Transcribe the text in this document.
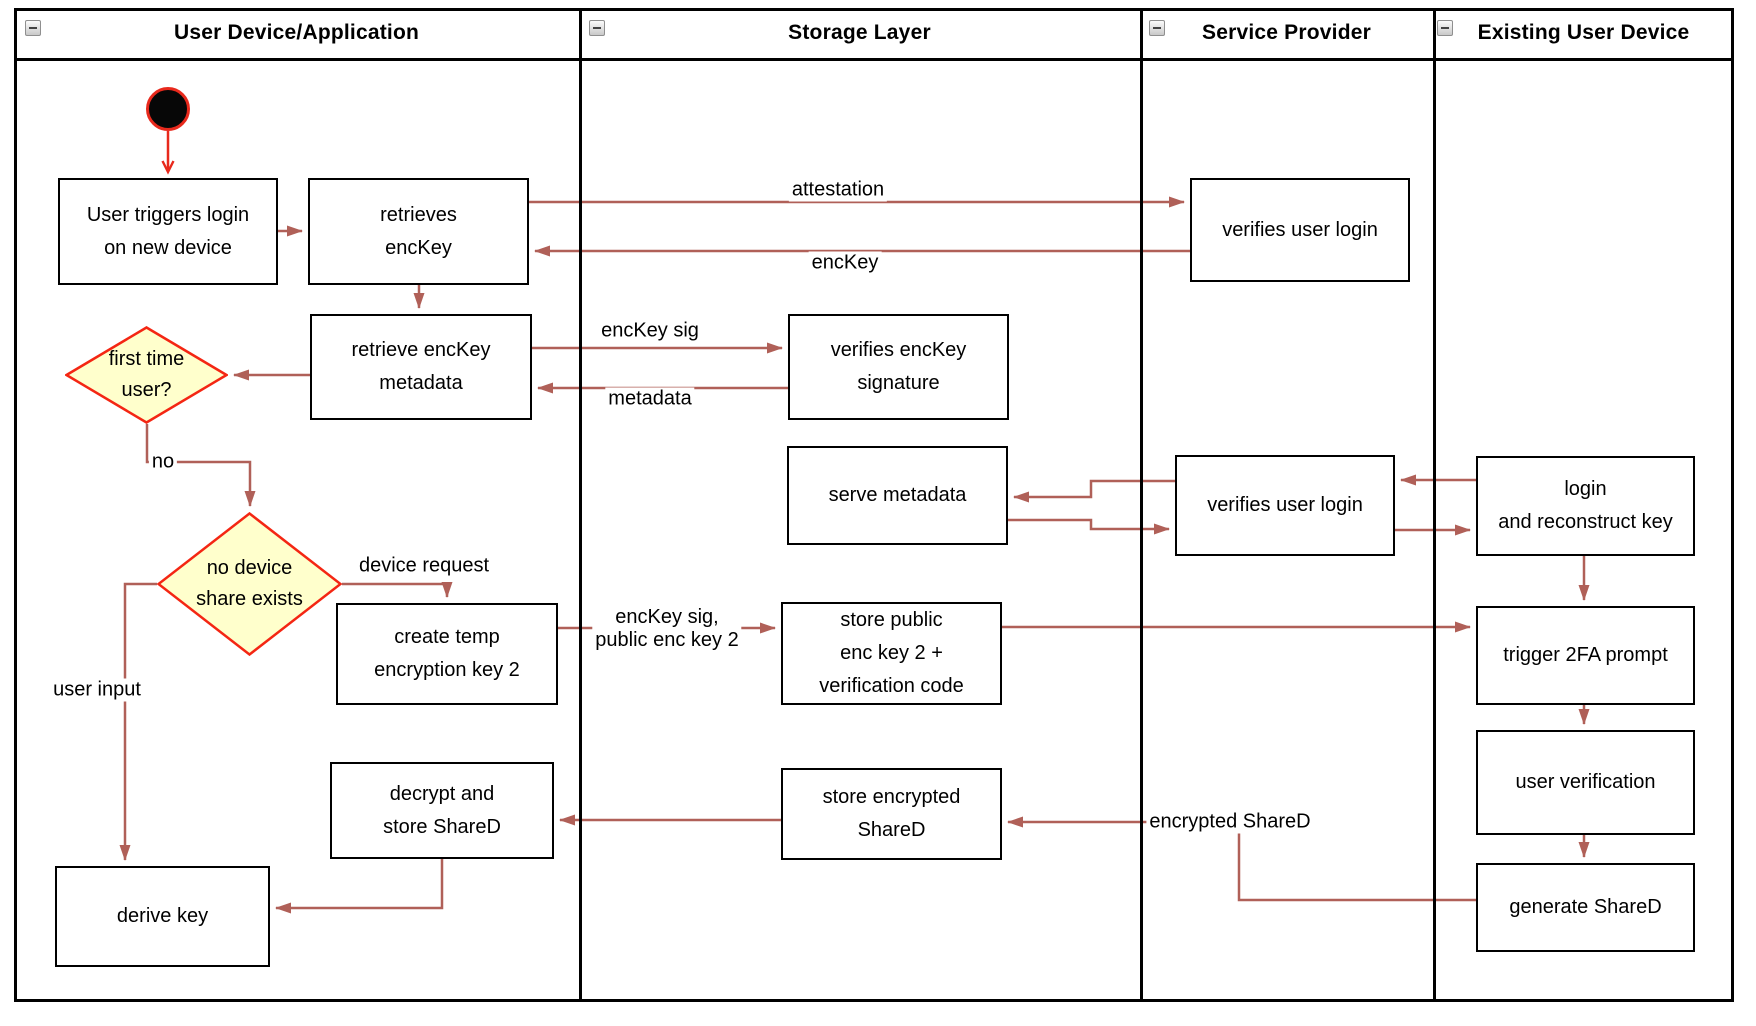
User Device/Application	Storage Layer	Service Provider	Existing User Device
User triggers login
on new device
retrieves
encKey
verifies user login
retrieve encKey
metadata
verifies encKey
signature
first time
user?
no device
share exists
serve metadata	verifies user login
login
and reconstruct key
create temp
encryption key 2
store public
enc key 2 +
verification code
trigger 2FA prompt
user verification
generate ShareD
store encrypted
ShareD
decrypt and
store ShareD
derive key
attestation
encKey
encKey sig
metadata
no
device request
encKey sig,
public enc key 2
encrypted ShareD
user input
